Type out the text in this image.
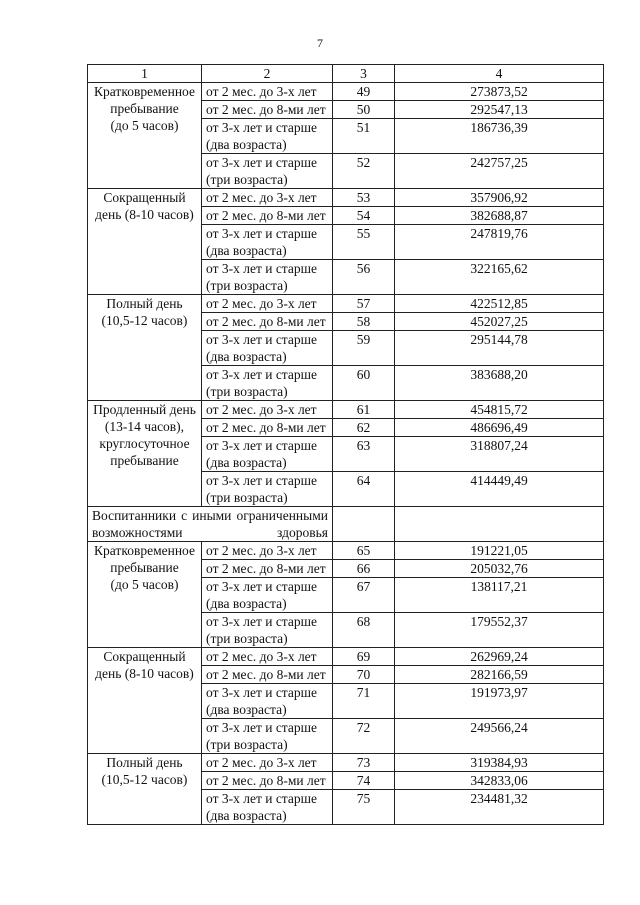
7
1	2	3	4

Кратковременное
пребывание
(до 5 часов)	от 2 мес. до 3-х лет	49	273873,52

	от 2 мес. до 8-ми лет	50	292547,13

	от 3-х лет и старше
(два возраста)	51	186736,39

	от 3-х лет и старше
(три возраста)	52	242757,25

Сокращенный
день (8-10 часов)	от 2 мес. до 3-х лет	53	357906,92

	от 2 мес. до 8-ми лет	54	382688,87

	от 3-х лет и старше
(два возраста)	55	247819,76

	от 3-х лет и старше
(три возраста)	56	322165,62

Полный день
(10,5-12 часов)	от 2 мес. до 3-х лет	57	422512,85

	от 2 мес. до 8-ми лет	58	452027,25

	от 3-х лет и старше
(два возраста)	59	295144,78

	от 3-х лет и старше
(три возраста)	60	383688,20

Продленный день
(13-14 часов),
круглосуточное
пребывание	от 2 мес. до 3-х лет	61	454815,72

	от 2 мес. до 8-ми лет	62	486696,49

	от 3-х лет и старше
(два возраста)	63	318807,24

	от 3-х лет и старше
(три возраста)	64	414449,49
Воспитанники с иными ограниченными возможностями здоровья			

Кратковременное
пребывание
(до 5 часов)	от 2 мес. до 3-х лет	65	191221,05

	от 2 мес. до 8-ми лет	66	205032,76

	от 3-х лет и старше
(два возраста)	67	138117,21

	от 3-х лет и старше
(три возраста)	68	179552,37

Сокращенный
день (8-10 часов)	от 2 мес. до 3-х лет	69	262969,24

	от 2 мес. до 8-ми лет	70	282166,59

	от 3-х лет и старше
(два возраста)	71	191973,97

	от 3-х лет и старше
(три возраста)	72	249566,24

Полный день
(10,5-12 часов)	от 2 мес. до 3-х лет	73	319384,93

	от 2 мес. до 8-ми лет	74	342833,06

	от 3-х лет и старше
(два возраста)	75	234481,32
